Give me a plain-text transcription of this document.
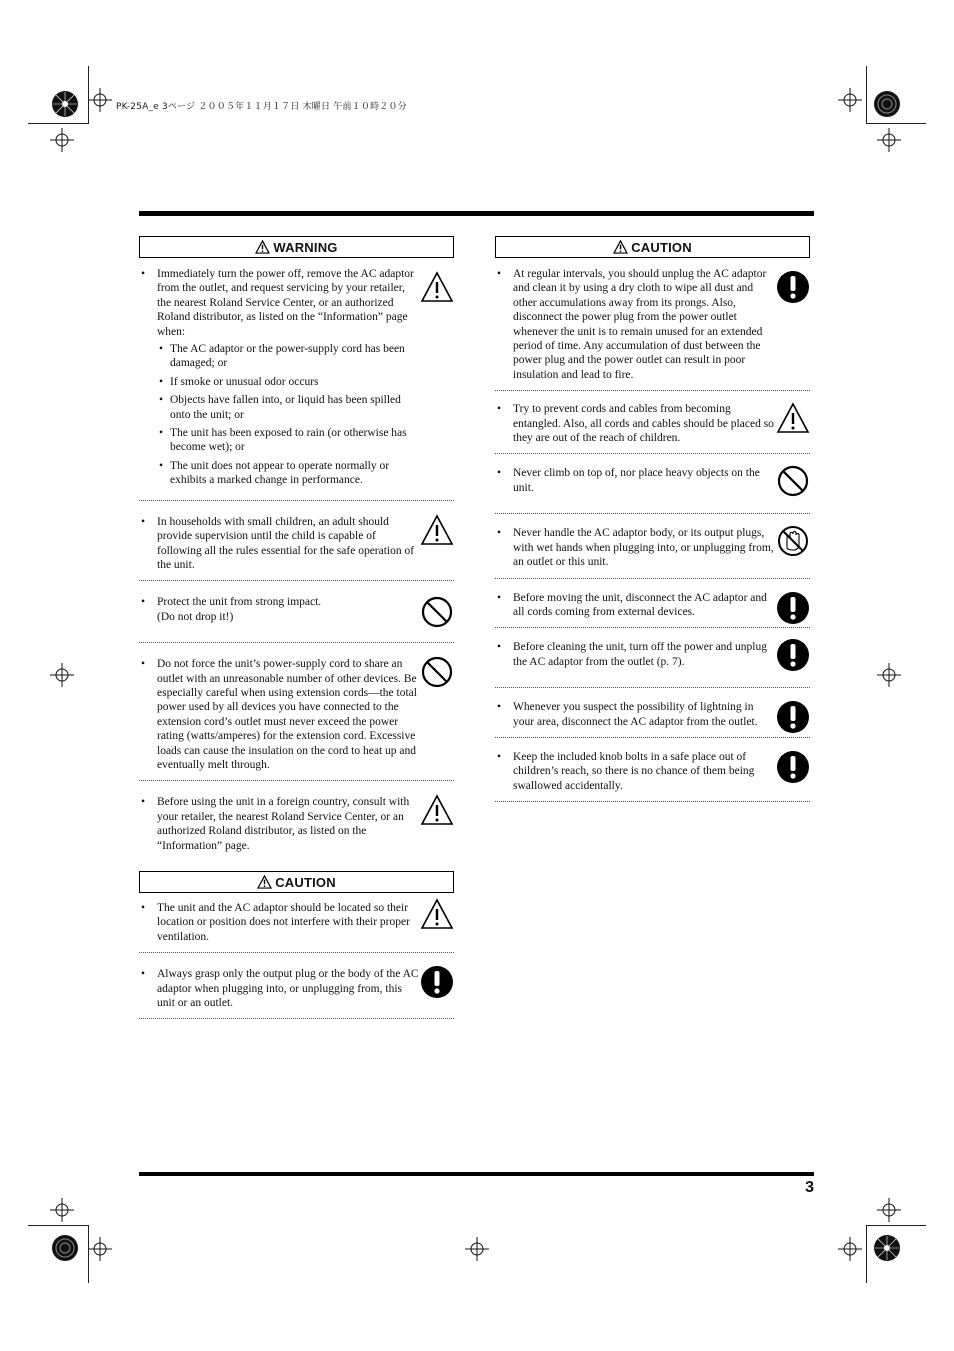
PK-25A_e 3ページ ２００５年１１月１７日 木曜日 午前１０時２０分
3
WARNING
• Immediately turn the power off, remove the AC adaptor from the outlet, and request servicing by your retailer, the nearest Roland Service Center, or an authorized Roland distributor, as listed on the “Information” page when:

• The AC adaptor or the power-supply cord has been damaged; or
• If smoke or unusual odor occurs
• Objects have fallen into, or liquid has been spilled onto the unit; or
• The unit has been exposed to rain (or otherwise has become wet); or
• The unit does not appear to operate normally or exhibits a marked change in performance.
• In households with small children, an adult should provide supervision until the child is capable of following all the rules essential for the safe operation of the unit.

• Protect the unit from strong impact.

(Do not drop it!)

• Do not force the unit’s power-supply cord to share an outlet with an unreasonable number of other devices. Be especially careful when using extension cords—the total power used by all devices you have connected to the extension cord’s outlet must never exceed the power rating (watts/amperes) for the extension cord. Excessive loads can cause the insulation on the cord to heat up and eventually melt through.

• Before using the unit in a foreign country, consult with your retailer, the nearest Roland Service Center, or an authorized Roland distributor, as listed on the “Information” page.

CAUTION
• The unit and the AC adaptor should be located so their location or position does not interfere with their proper ventilation.

• Always grasp only the output plug or the body of the AC adaptor when plugging into, or unplugging from, this unit or an outlet.

CAUTION
• At regular intervals, you should unplug the AC adaptor and clean it by using a dry cloth to wipe all dust and other accumulations away from its prongs. Also, disconnect the power plug from the power outlet whenever the unit is to remain unused for an extended period of time. Any accumulation of dust between the power plug and the power outlet can result in poor insulation and lead to fire.

• Try to prevent cords and cables from becoming entangled. Also, all cords and cables should be placed so they are out of the reach of children.

• Never climb on top of, nor place heavy objects on the unit.

• Never handle the AC adaptor body, or its output plugs, with wet hands when plugging into, or unplugging from, an outlet or this unit.

• Before moving the unit, disconnect the AC adaptor and all cords coming from external devices.

• Before cleaning the unit, turn off the power and unplug the AC adaptor from the outlet (p. 7).

• Whenever you suspect the possibility of lightning in your area, disconnect the AC adaptor from the outlet.

• Keep the included knob bolts in a safe place out of children’s reach, so there is no chance of them being swallowed accidentally.
